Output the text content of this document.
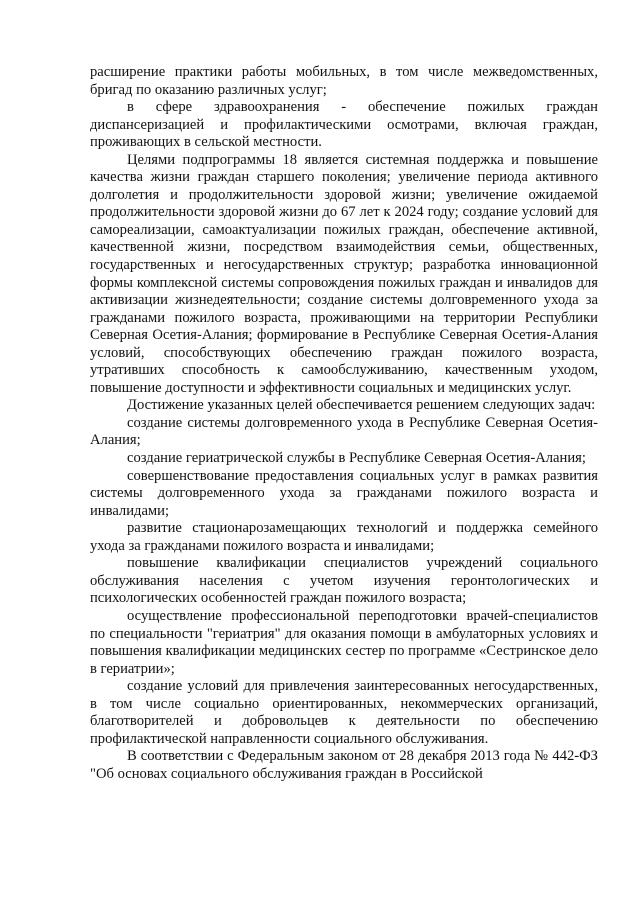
расширение практики работы мобильных, в том числе межведомственных, бригад по оказанию различных услуг;

в сфере здравоохранения - обеспечение пожилых граждан диспансеризацией и профилактическими осмотрами, включая граждан, проживающих в сельской местности.

Целями подпрограммы 18 является системная поддержка и повышение качества жизни граждан старшего поколения; увеличение периода активного долголетия и продолжительности здоровой жизни; увеличение ожидаемой продолжительности здоровой жизни до 67 лет к 2024 году; создание условий для самореализации, самоактуализации пожилых граждан, обеспечение активной, качественной жизни, посредством взаимодействия семьи, общественных, государственных и негосударственных структур; разработка инновационной формы комплексной системы сопровождения пожилых граждан и инвалидов для активизации жизнедеятельности; создание системы долговременного ухода за гражданами пожилого возраста, проживающими на территории Республики Северная Осетия-Алания; формирование в Республике Северная Осетия-Алания условий, способствующих обеспечению граждан пожилого возраста, утративших способность к самообслуживанию, качественным уходом, повышение доступности и эффективности социальных и медицинских услуг.

Достижение указанных целей обеспечивается решением следующих задач:

создание системы долговременного ухода в Республике Северная Осетия-Алания;

создание гериатрической службы в Республике Северная Осетия-Алания;

совершенствование предоставления социальных услуг в рамках развития системы долговременного ухода за гражданами пожилого возраста и инвалидами;

развитие стационарозамещающих технологий и поддержка семейного ухода за гражданами пожилого возраста и инвалидами;

повышение квалификации специалистов учреждений социального обслуживания населения с учетом изучения геронтологических и психологических особенностей граждан пожилого возраста;

осуществление профессиональной переподготовки врачей-специалистов по специальности "гериатрия" для оказания помощи в амбулаторных условиях и повышения квалификации медицинских сестер по программе «Сестринское дело в гериатрии»;

создание условий для привлечения заинтересованных негосударственных, в том числе социально ориентированных, некоммерческих организаций, благотворителей и добровольцев к деятельности по обеспечению профилактической направленности социального обслуживания.

В соответствии с Федеральным законом от 28 декабря 2013 года № 442-ФЗ "Об основах социального обслуживания граждан в Российской
